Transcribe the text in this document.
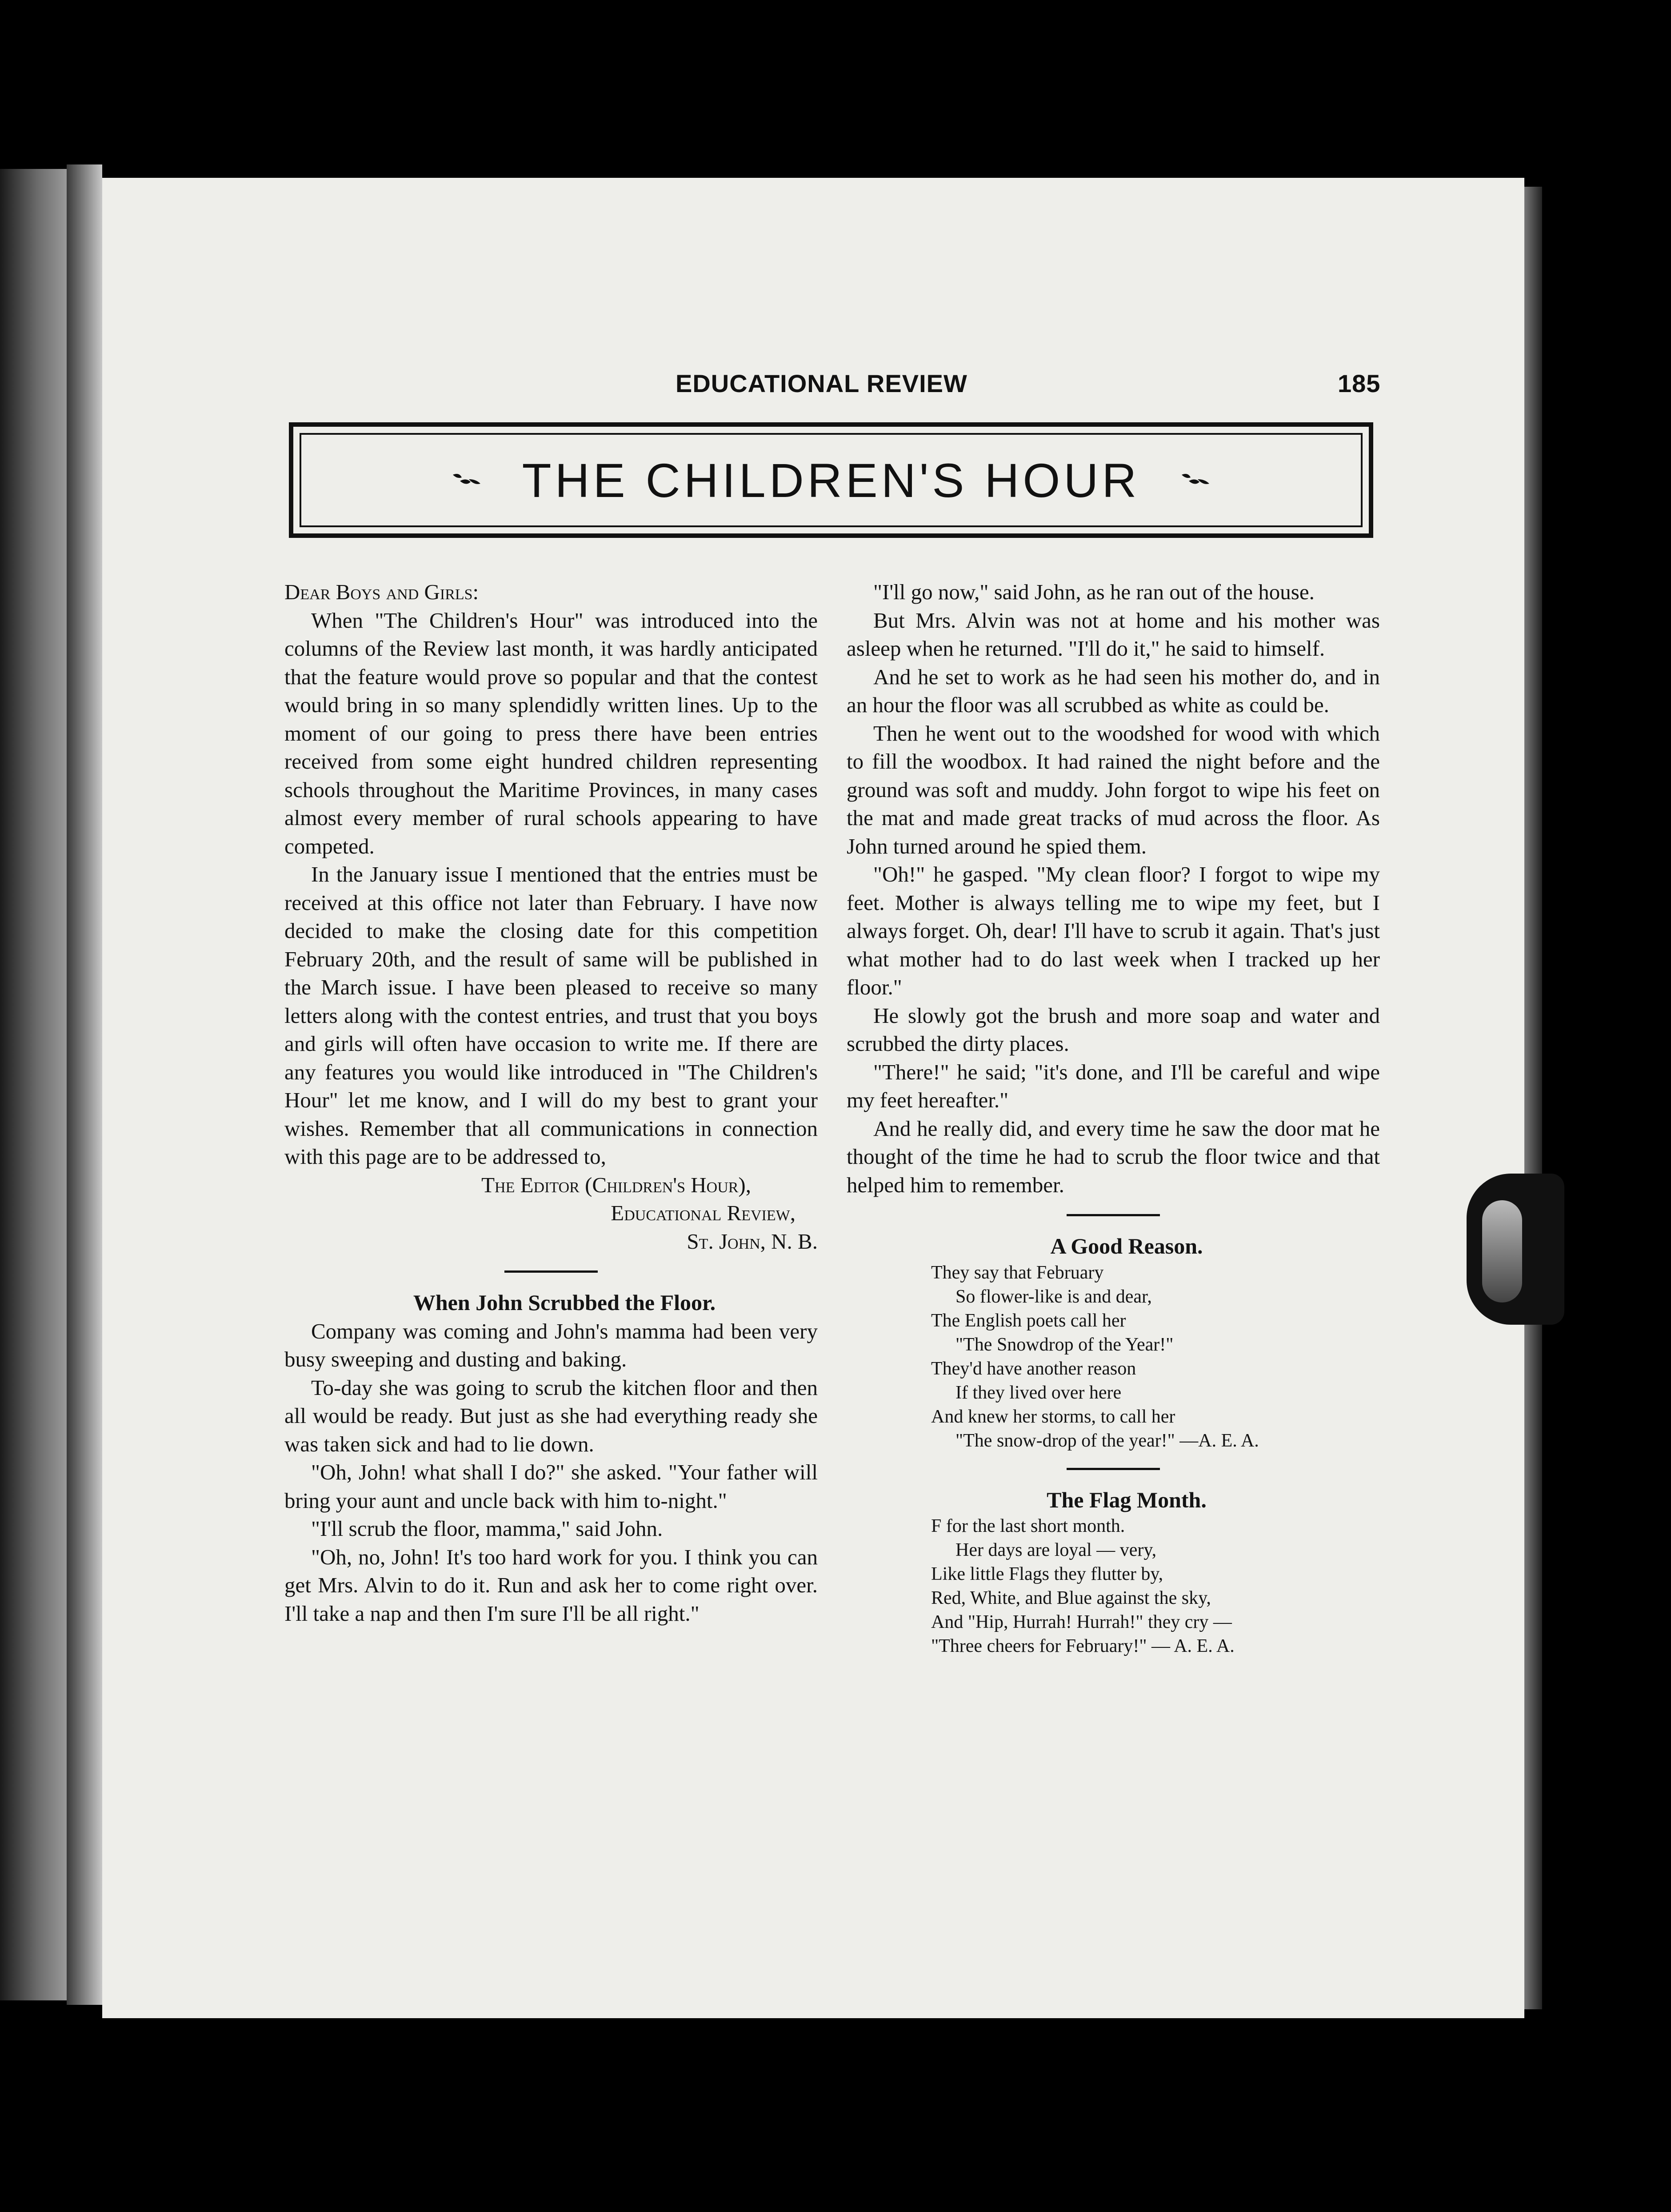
EDUCATIONAL REVIEW	185
THE CHILDREN'S HOUR

Dear Boys and Girls:

When "The Children's Hour" was introduced into the columns of the Review last month, it was hardly anticipated that the feature would prove so popular and that the contest would bring in so many splendidly written lines. Up to the moment of our going to press there have been entries received from some eight hundred children representing schools throughout the Maritime Provinces, in many cases almost every member of rural schools appearing to have competed.

In the January issue I mentioned that the entries must be received at this office not later than February. I have now decided to make the closing date for this competition February 20th, and the result of same will be published in the March issue. I have been pleased to receive so many letters along with the contest entries, and trust that you boys and girls will often have occasion to write me. If there are any features you would like introduced in "The Children's Hour" let me know, and I will do my best to grant your wishes. Remember that all communications in connection with this page are to be addressed to,

The Editor (Children's Hour),

Educational Review,

St. John, N. B.

When John Scrubbed the Floor.

Company was coming and John's mamma had been very busy sweeping and dusting and baking.

To-day she was going to scrub the kitchen floor and then all would be ready. But just as she had everything ready she was taken sick and had to lie down.

"Oh, John! what shall I do?" she asked. "Your father will bring your aunt and uncle back with him to-night."

"I'll scrub the floor, mamma," said John.

"Oh, no, John! It's too hard work for you. I think you can get Mrs. Alvin to do it. Run and ask her to come right over. I'll take a nap and then I'm sure I'll be all right."

"I'll go now," said John, as he ran out of the house.

But Mrs. Alvin was not at home and his mother was asleep when he returned. "I'll do it," he said to himself.

And he set to work as he had seen his mother do, and in an hour the floor was all scrubbed as white as could be.

Then he went out to the woodshed for wood with which to fill the woodbox. It had rained the night before and the ground was soft and muddy. John forgot to wipe his feet on the mat and made great tracks of mud across the floor. As John turned around he spied them.

"Oh!" he gasped. "My clean floor? I forgot to wipe my feet. Mother is always telling me to wipe my feet, but I always forget. Oh, dear! I'll have to scrub it again. That's just what mother had to do last week when I tracked up her floor."

He slowly got the brush and more soap and water and scrubbed the dirty places.

"There!" he said; "it's done, and I'll be careful and wipe my feet hereafter."

And he really did, and every time he saw the door mat he thought of the time he had to scrub the floor twice and that helped him to remember.

A Good Reason.

They say that February
So flower-like is and dear,
The English poets call her
"The Snowdrop of the Year!"
They'd have another reason
If they lived over here
And knew her storms, to call her
"The snow-drop of the year!" —A. E. A.

The Flag Month.

F for the last short month.
Her days are loyal — very,
Like little Flags they flutter by,
Red, White, and Blue against the sky,
And "Hip, Hurrah! Hurrah!" they cry —
"Three cheers for February!" — A. E. A.
